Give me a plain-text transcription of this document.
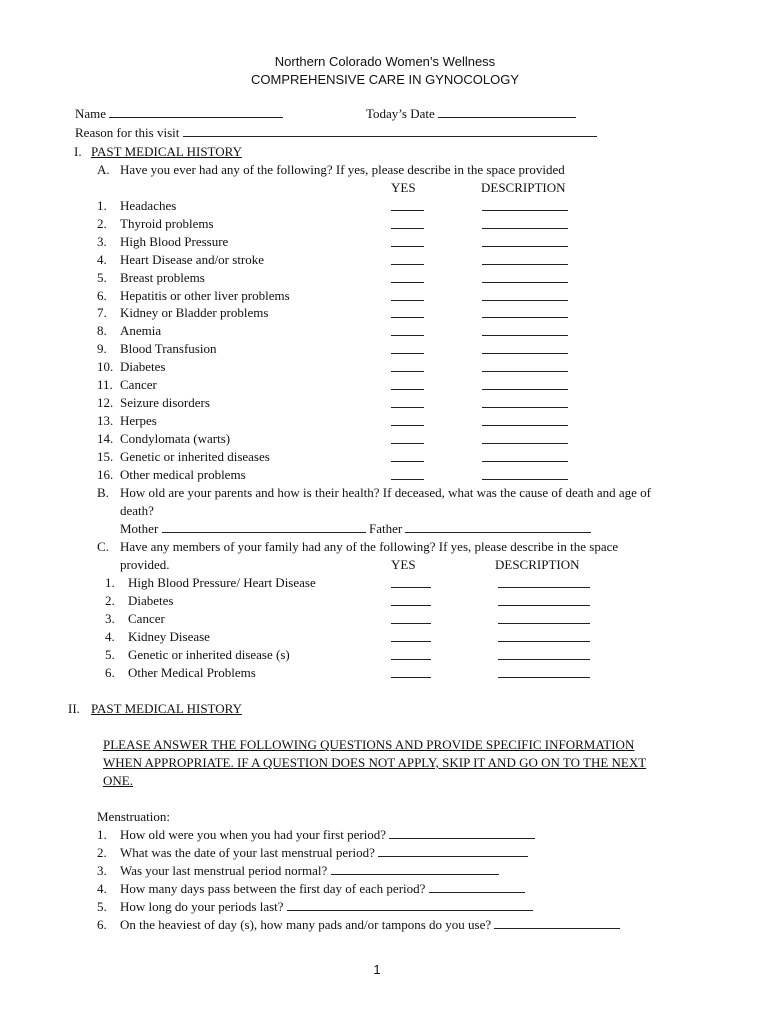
Northern Colorado Women’s Wellness
COMPREHENSIVE CARE IN GYNOCOLOGY
Name	Today’s Date
Reason for this visit
I. PAST MEDICAL HISTORY
A. Have you ever had any of the following? If yes, please describe in the space provided
YES	DESCRIPTION
1. Headaches
2. Thyroid problems
3. High Blood Pressure
4. Heart Disease and/or stroke
5. Breast problems
6. Hepatitis or other liver problems
7. Kidney or Bladder problems
8. Anemia
9. Blood Transfusion
10. Diabetes
11. Cancer
12. Seizure disorders
13. Herpes
14. Condylomata (warts)
15. Genetic or inherited diseases
16. Other medical problems
B. How old are your parents and how is their health? If deceased, what was the cause of death and age of
death?
Mother	Father
C. Have any members of your family had any of the following? If yes, please describe in the space
provided.	YES	DESCRIPTION
1. High Blood Pressure/ Heart Disease
2. Diabetes
3. Cancer
4. Kidney Disease
5. Genetic or inherited disease (s)
6. Other Medical Problems
II. PAST MEDICAL HISTORY
PLEASE ANSWER THE FOLLOWING QUESTIONS AND PROVIDE SPECIFIC INFORMATION
WHEN APPROPRIATE. IF A QUESTION DOES NOT APPLY, SKIP IT AND GO ON TO THE NEXT
ONE.
Menstruation:
1. How old were you when you had your first period?
2. What was the date of your last menstrual period?
3. Was your last menstrual period normal?
4. How many days pass between the first day of each period?
5. How long do your periods last?
6. On the heaviest of day (s), how many pads and/or tampons do you use?
1
